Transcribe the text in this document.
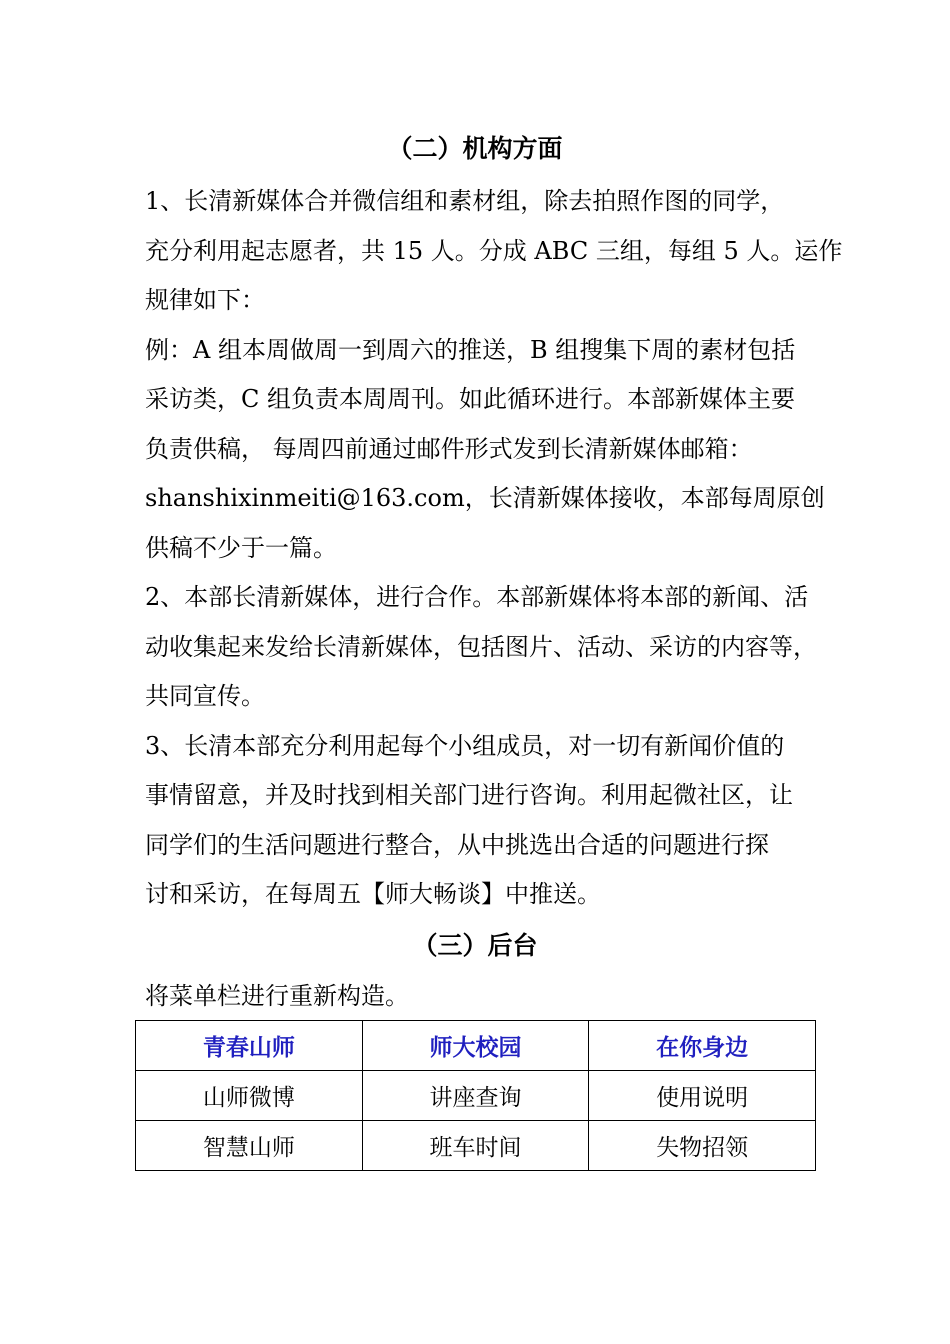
（二）机构方面
1、长清新媒体合并微信组和素材组，除去拍照作图的同学，
充分利用起志愿者，共 15 人。分成 ABC 三组，每组 5 人。运作
规律如下：
例：A 组本周做周一到周六的推送，B 组搜集下周的素材包括
采访类，C 组负责本周周刊。如此循环进行。本部新媒体主要
负责供稿， 每周四前通过邮件形式发到长清新媒体邮箱：
shanshixinmeiti@163.com，长清新媒体接收，本部每周原创
供稿不少于一篇。
2、本部长清新媒体，进行合作。本部新媒体将本部的新闻、活
动收集起来发给长清新媒体，包括图片、活动、采访的内容等，
共同宣传。
3、长清本部充分利用起每个小组成员，对一切有新闻价值的
事情留意，并及时找到相关部门进行咨询。利用起微社区，让
同学们的生活问题进行整合，从中挑选出合适的问题进行探
讨和采访，在每周五【师大畅谈】中推送。
（三）后台
将菜单栏进行重新构造。
青春山师	师大校园	在你身边
山师微博	讲座查询	使用说明
智慧山师	班车时间	失物招领
